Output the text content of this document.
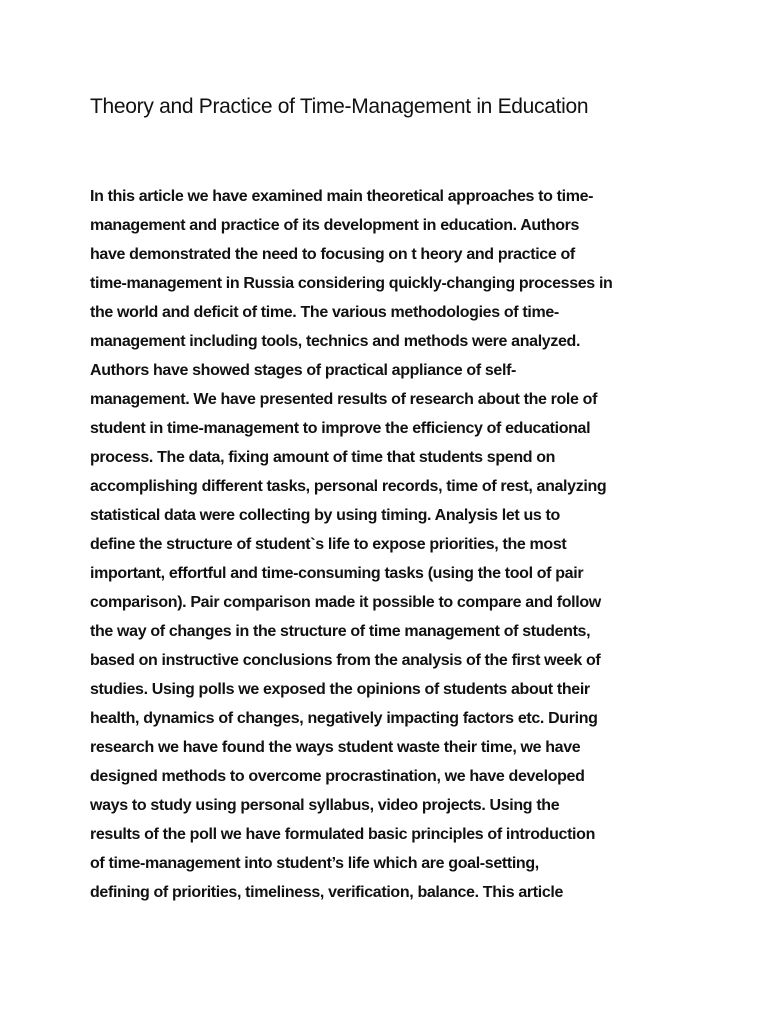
Theory and Practice of Time-Management in Education
In this article we have examined main theoretical approaches to time-
management and practice of its development in education. Authors
have demonstrated the need to focusing on t heory and practice of
time-management in Russia considering quickly-changing processes in
the world and deficit of time. The various methodologies of time-
management including tools, technics and methods were analyzed.
Authors have showed stages of practical appliance of self-
management. We have presented results of research about the role of
student in time-management to improve the efficiency of educational
process. The data, fixing amount of time that students spend on
accomplishing different tasks, personal records, time of rest, analyzing
statistical data were collecting by using timing. Analysis let us to
define the structure of student`s life to expose priorities, the most
important, effortful and time-consuming tasks (using the tool of pair
comparison). Pair comparison made it possible to compare and follow
the way of changes in the structure of time management of students,
based on instructive conclusions from the analysis of the first week of
studies. Using polls we exposed the opinions of students about their
health, dynamics of changes, negatively impacting factors etc. During
research we have found the ways student waste their time, we have
designed methods to overcome procrastination, we have developed
ways to study using personal syllabus, video projects. Using the
results of the poll we have formulated basic principles of introduction
of time-management into student’s life which are goal-setting,
defining of priorities, timeliness, verification, balance. This article
